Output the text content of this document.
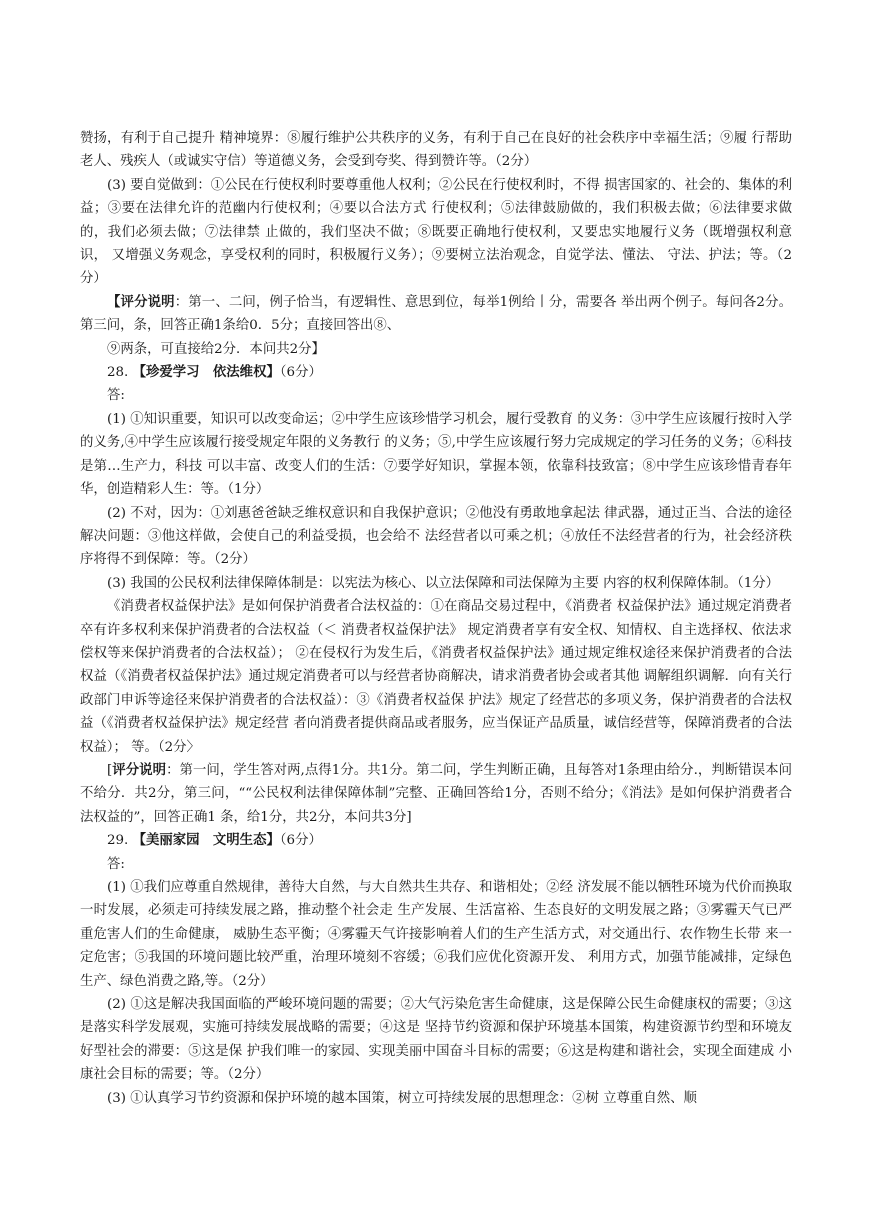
赞扬，有利于自己提升 精神境界：⑧履行维护公共秩序的义务，有利于自己在良好的社会秩序中幸福生活；⑨履 行帮助老人、残疾人（或诚实守信）等道德义务，会受到夸奖、得到赞许等。（2分）

(3) 要自觉做到：①公民在行使权利时要尊重他人权利；②公民在行使权利时，不得 损害国家的、社会的、集体的利益；③要在法律允许的范幽内行使权利；④要以合法方式 行使权利；⑤法律鼓励做的，我们积极去做；⑥法律要求做的，我们必须去做；⑦法律禁 止做的，我们坚决不做；⑧既要正确地行使权利，又要忠实地履行义务（既增强权利意识， 又增强义务观念，享受权利的同时，积极履行义务）；⑨要树立法治观念，自觉学法、懂法、 守法、护法；等。（2分）

【评分说明：第一、二问，例子恰当，有逻辑性、意思到位，每举1例给丨分，需要各 举出两个例子。每问各2分。第三问，条，回答正确1条给0．5分；直接回答出⑧、

⑨两条，可直接给2分．本问共2分】

28. 【珍爱学习　依法维权】（6分）

答:

(1) ①知识重要，知识可以改变命运；②中学生应该珍惜学习机会，履行受教育 的义务：③中学生应该履行按时入学的义务,④中学生应该履行接受规定年限的义务教行 的义务；⑤,中学生应该履行努力完成规定的学习任务的义务；⑥科技是第…生产力，科技 可以丰富、改变人们的生活：⑦要学好知识，掌握本领，依靠科技致富；⑧中学生应该珍惜青春年华，创造精彩人生：等。（1分）

(2) 不对，因为：①刘惠爸爸缺乏维权意识和自我保护意识；②他没有勇敢地拿起法 律武器，通过正当、合法的途径解决问题：③他这样做，会使自己的利益受损，也会给不 法经营者以可乘之机；④放任不法经营者的行为，社会经济秩序将得不到保障：等。（2分）

(3) 我国的公民权利法律保障体制是：以宪法为核心、以立法保障和司法保障为主要 内容的权利保障体制。（1分）

《消费者权益保护法》是如何保护消费者合法权益的：①在商品交易过程中，《消费者 权益保护法》通过规定消费者卒有许多权利来保护消费者的合法权益（＜ 消费者权益保护法》 规定消费者享有安全权、知情权、自主选择权、依法求偿权等来保护消费者的合法权益）； ②在侵权行为发生后，《消费者权益保护法》通过规定维权途径来保护消费者的合法权益（《消费者权益保护法》通过规定消费者可以与经营者协商解决，请求消费者协会或者其他 调解组织调解．向有关行政部门申诉等途径来保护消费者的合法权益）：③《消费者权益保 护法》规定了经营芯的多项义务，保护消费者的合法权益（《消费者权益保护法》规定经营 者向消费者提供商品或者服务，应当保证产品质量，诚信经营等，保障消费者的合法权益）； 等。（2分〉

[评分说明：第一问，学生答对两,点得1分。共1分。第二问，学生判断正确，且每答对1条理由给分.，判断错误本问不给分．共2分，第三问，““公民权利法律保障体制”完整、正确回答给1分，否则不给分；《消法》是如何保护消费者合法权益的”，回答正确1 条，给1分，共2分，本问共3分]

29. 【美丽家园　文明生态】（6分）

答:

(1) ①我们应尊重自然规律，善待大自然，与大自然共生共存、和谐相处；②经 济发展不能以牺牲环境为代价而换取一时发展，必须走可持续发展之路，推动整个社会走 生产发展、生活富裕、生态良好的文明发展之路；③雾霾天气已严重危害人们的生命健康， 威胁生态平衡；④雾霾天气许接影响着人们的生产生活方式，对交通出行、农作物生长带 来一定危害；⑤我国的环境问题比较严重，治理环境刻不容缓；⑥我们应优化资源开发、 利用方式，加强节能减排，定绿色生产、绿色消费之路,等。（2分）

(2) ①这是解决我国面临的严峻环境问题的需要；②大气污染危害生命健康，这是保障公民生命健康权的需要；③这是落实科学发展观，实施可持续发展战略的需要；④这是 坚持节约资源和保护环境基本国策，构建资源节约型和环境友好型社会的滞要：⑤这是保 护我们唯一的家园、实现美丽中国奋斗目标的需要；⑥这是构建和谐社会，实现全面建成 小康社会目标的需要；等。（2分）

(3) ①认真学习节约资源和保护环境的越本国策，树立可持续发展的思想理念：②树 立尊重自然、顺
